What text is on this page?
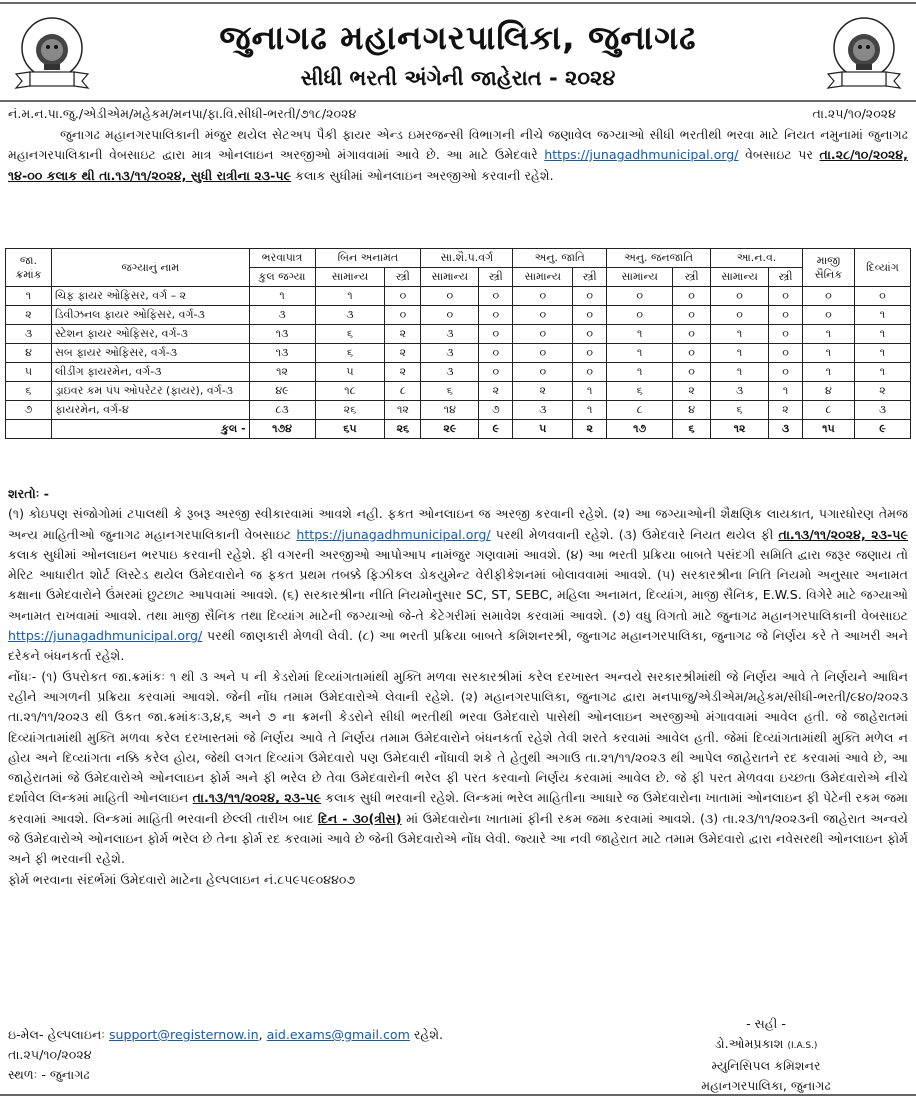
જુનાગઢ મહાનગરપાલિકા, જુનાગઢ
સીધી ભરતી અંગેની જાહેરાત - ૨૦૨૪
નં.મ.ન.પા.જુ./એડીએમ/મહેકમ/મનપા/ફા.વિ.સીધી-ભરતી/૭૧૮/૨૦૨૪	તા.૨૫/૧૦/૨૦૨૪
જુનાગઢ મહાનગરપાલિકાની મંજુર થયેલ સેટઅપ પૈકી ફાયર એન્ડ ઇમરજન્સી વિભાગની નીચે જણાવેલ જગ્યાઓ સીધી ભરતીથી ભરવા માટે નિયત નમુનામાં જુનાગઢ મહાનગરપાલિકાની વેબસાઇટ દ્વારા માત્ર ઓનલાઇન અરજીઓ મંગાવવામાં આવે છે. આ માટે ઉમેદવારે https://junagadhmunicipal.org/ વેબસાઇટ પર તા.૨૮/૧૦/૨૦૨૪, ૧૪-૦૦ કલાક થી તા.૧૩/૧૧/૨૦૨૪, સુધી રાત્રીના ૨૩-૫૯ કલાક સુધીમાં ઓનલાઇન અરજીઓ કરવાની રહેશે.
જા. ક્રમાંક	જગ્યાનું નામ	ભરવાપાત્ર	બિન અનામત		સા.શૈ.પ.વર્ગ		અનુ. જાતિ		અનુ. જનજાતિ		આ.ન.વ.		માજી સૈનિક	દિવ્યાંગ
		કુલ જગ્યા	સામાન્ય	સ્ત્રી	સામાન્ય	સ્ત્રી	સામાન્ય	સ્ત્રી	સામાન્ય	સ્ત્રી	સામાન્ય	સ્ત્રી		
૧	ચિફ ફાયર ઓફિસર, વર્ગ – ૨	૧	૧	૦	૦	૦	૦	૦	૦	૦	૦	૦	૦	૦
૨	ડિવીઝનલ ફાયર ઓફિસર, વર્ગ-૩	૩	૩	૦	૦	૦	૦	૦	૦	૦	૦	૦	૦	૧
૩	સ્ટેશન ફાયર ઓફિસર, વર્ગ-૩	૧૩	૬	૨	૩	૦	૦	૦	૧	૦	૧	૦	૧	૧
૪	સબ ફાયર ઓફિસર, વર્ગ-૩	૧૩	૬	૨	૩	૦	૦	૦	૧	૦	૧	૦	૧	૧
૫	લીડીંગ ફાયરમેન, વર્ગ-૩	૧૨	૫	૨	૩	૦	૦	૦	૧	૦	૧	૦	૧	૧
૬	ડ્રાઇવર કમ પંપ ઓપરેટર (ફાયર), વર્ગ-૩	૪૯	૧૮	૮	૬	૨	૨	૧	૬	૨	૩	૧	૪	૨
૭	ફાયરમેન, વર્ગ-૪	૮૩	૨૬	૧૨	૧૪	૭	૩	૧	૮	૪	૬	૨	૮	૩
	કુલ -	૧૭૪	૬૫	૨૬	૨૯	૯	૫	૨	૧૭	૬	૧૨	૩	૧૫	૯
શરતોઃ -
(૧) કોઇપણ સંજોગોમાં ટપાલથી કે રૂબરૂ અરજી સ્વીકારવામાં આવશે નહી. ફકત ઓનલાઇન જ અરજી કરવાની રહેશે. (૨) આ જગ્યાઓની શૈક્ષણિક લાયકાત, પગારધોરણ તેમજ અન્ય માહિતીઓ જુનાગઢ મહાનગરપાલિકાની વેબસાઇટ https://junagadhmunicipal.org/ પરથી મેળવવાની રહેશે. (૩) ઉમેદવારે નિયત થયેલ ફી તા.૧૩/૧૧/૨૦૨૪, ૨૩-૫૯ કલાક સુધીમાં ઓનલાઇન ભરપાઇ કરવાની રહેશે. ફી વગરની અરજીઓ આપોઆપ નામંજુર ગણવામાં આવશે. (૪) આ ભરતી પ્રક્રિયા બાબતે પસંદગી સમિતિ દ્વારા જરૂર જણાય તો મેરિટ આધારીત શોર્ટ લિસ્ટેડ થયેલ ઉમેદવારોને જ ફકત પ્રથમ તબક્કે ફિઝીકલ ડોકયુમેન્ટ વેરીફીકેશનમાં બોલાવવામાં આવશે. (૫) સરકારશ્રીના નિતિ નિયમો અનુસાર અનામત કક્ષાના ઉમેદવારોને ઉંમરમાં છુટછાટ આપવામાં આવશે. (૬) સરકારશ્રીના નીતિ નિયમોનુસાર SC, ST, SEBC, મહિલા અનામત, દિવ્યાંગ, માજી સૈનિક, E.W.S. વિગેરે માટે જગ્યાઓ અનામત રાખવામાં આવશે. તથા માજી સૈનિક તથા દિવ્યાંગ માટેની જગ્યાઓ જે-તે કેટેગરીમાં સમાવેશ કરવામાં આવશે. (૭) વધુ વિગતો માટે જુનાગઢ મહાનગરપાલિકાની વેબસાઇટ https://junagadhmunicipal.org/ પરથી જાણકારી મેળવી લેવી. (૮) આ ભરતી પ્રક્રિયા બાબતે કમિશનરશ્રી, જુનાગઢ મહાનગરપાલિકા, જુનાગઢ જે નિર્ણય કરે તે આખરી અને દરેકને બંધનકર્તા રહેશે.
નોંધઃ- (૧) ઉપરોકત જા.ક્રમાંકઃ ૧ થી ૩ અને ૫ ની કેડરોમાં દિવ્યાંગતામાંથી મુક્તિ મળવા સરકારશ્રીમાં કરેલ દરખાસ્ત અન્વયે સરકારશ્રીમાંથી જે નિર્ણય આવે તે નિર્ણયને આધિન રહીને આગળની પ્રક્રિયા કરવામાં આવશે. જેની નોંધ તમામ ઉમેદવારોએ લેવાની રહેશે. (૨) મહાનગરપાલિકા, જુનાગઢ દ્વારા મનપાજુ/એડીએમ/મહેકમ/સીધી-ભરતી/૯૪૦/૨૦૨૩ તા.૨૧/૧૧/૨૦૨૩ થી ઉકત જા.ક્રમાંકઃ૩,૪,૬ અને ૭ ના ક્રમની કેડરોને સીધી ભરતીથી ભરવા ઉમેદવારો પાસેથી ઓનલાઇન અરજીઓ મંગાવવામાં આવેલ હતી. જે જાહેરાતમાં દિવ્યાંગતામાંથી મુક્તિ મળવા કરેલ દરખાસ્તમાં જે નિર્ણય આવે તે નિર્ણય તમામ ઉમેદવારોને બંધનકર્તા રહેશે તેવી શરતે કરવામાં આવેલ હતી. જેમાં દિવ્યાંગતામાંથી મુક્તિ મળેલ ન હોય અને દિવ્યાંગતા નક્કિ કરેલ હોય, જેથી લગત દિવ્યાંગ ઉમેદવારો પણ ઉમેદવારી નોંધાવી શકે તે હેતુથી અગાઉ તા.૨૧/૧૧/૨૦૨૩ થી આપેલ જાહેરાતને રદ કરવામાં આવે છે, આ જાહેરાતમાં જે ઉમેદવારોએ ઓનલાઇન ફોર્મ અને ફી ભરેલ છે તેવા ઉમેદવારોની ભરેલ ફી પરત કરવાનો નિર્ણય કરવામાં આવેલ છે. જે ફી પરત મેળવવા ઇચ્છતા ઉમેદવારોએ નીચે દર્શાવેલ લિન્કમાં માહિતી ઓનલાઇન તા.૧૩/૧૧/૨૦૨૪, ૨૩-૫૯ કલાક સુધી ભરવાની રહેશે. લિન્કમાં ભરેલ માહિતીના આધારે જ ઉમેદવારોના ખાતામાં ઓનલાઇન ફી પેટેની રકમ જમા કરવામાં આવશે. લિન્કમાં માહિતી ભરવાની છેલ્લી તારીખ બાદ દિન - ૩૦(ત્રીસ) માં ઉમેદવારોના ખાતામાં ફીની રકમ જમા કરવામાં આવશે. (૩) તા.૨૩/૧૧/૨૦૨૩ની જાહેરાત અન્વયે જે ઉમેદવારોએ ઓનલાઇન ફોર્મ ભરેલ છે તેના ફોર્મ રદ કરવામાં આવે છે જેની ઉમેદવારોએ નોંધ લેવી. જ્યારે આ નવી જાહેરાત માટે તમામ ઉમેદવારો દ્વારા નવેસરથી ઓનલાઇન ફોર્મ અને ફી ભરવાની રહેશે.
ફોર્મ ભરવાના સંદર્ભમાં ઉમેદવારો માટેના હેલ્પલાઇન નં.૮૫૯૫૯૦૪૪૦૭
ઇ-મેલ- હેલ્પલાઇનઃ support@registernow.in, aid.exams@gmail.com રહેશે.
તા.૨૫/૧૦/૨૦૨૪
સ્થળઃ - જુનાગઢ
- સહી -
ડો.ઓમપ્રકાશ (I.A.S.)
મ્યુનિસિપલ કમિશનર
મહાનગરપાલિકા, જુનાગઢ
